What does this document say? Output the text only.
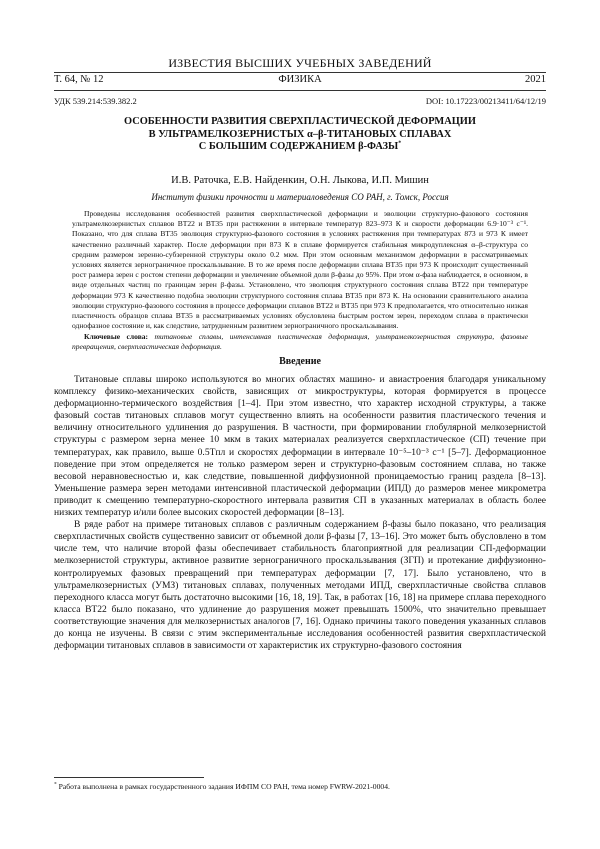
ИЗВЕСТИЯ ВЫСШИХ УЧЕБНЫХ ЗАВЕДЕНИЙ
Т. 64, № 12	ФИЗИКА	2021
УДК 539.214:539.382.2	DOI: 10.17223/00213411/64/12/19
ОСОБЕННОСТИ РАЗВИТИЯ СВЕРХПЛАСТИЧЕСКОЙ ДЕФОРМАЦИИ
В УЛЬТРАМЕЛКОЗЕРНИСТЫХ α–β-ТИТАНОВЫХ СПЛАВАХ
С БОЛЬШИМ СОДЕРЖАНИЕМ β-ФАЗЫ*
И.В. Раточка, Е.В. Найденкин, О.Н. Лыкова, И.П. Мишин
Институт физики прочности и материаловедения СО РАН, г. Томск, Россия
Проведены исследования особенностей развития сверхпластической деформации и эволюции структурно-фазового состояния ультрамелкозернистых сплавов ВТ22 и ВТ35 при растяжении в интервале температур 823–973 К и скорости деформации 6.9·10⁻³ с⁻¹. Показано, что для сплава ВТ35 эволюция структурно-фазового состояния в условиях растяжения при температурах 873 и 973 К имеет качественно различный характер. После деформации при 873 К в сплаве формируется стабильная микродуплексная α–β-структура со средним размером зеренно-субзеренной структуры около 0.2 мкм. При этом основным механизмом деформации в рассматриваемых условиях является зернограничное проскальзывание. В то же время после деформации сплава ВТ35 при 973 К происходит существенный рост размера зерен с ростом степени деформации и увеличение объемной доли β-фазы до 95%. При этом α-фаза наблюдается, в основном, в виде отдельных частиц по границам зерен β-фазы. Установлено, что эволюция структурного состояния сплава ВТ22 при температуре деформации 973 К качественно подобна эволюции структурного состояния сплава ВТ35 при 873 К. На основании сравнительного анализа эволюции структурно-фазового состояния в процессе деформации сплавов ВТ22 и ВТ35 при 973 К предполагается, что относительно низкая пластичность образцов сплава ВТ35 в рассматриваемых условиях обусловлена быстрым ростом зерен, переходом сплава в практически однофазное состояние и, как следствие, затрудненным развитием зернограничного проскальзывания.
Ключевые слова: титановые сплавы, интенсивная пластическая деформация, ультрамелкозернистая структура, фазовые превращения, сверхпластическая деформация.
Введение

Титановые сплавы широко используются во многих областях машино- и авиастроения благодаря уникальному комплексу физико-механических свойств, зависящих от микроструктуры, которая формируется в процессе деформационно-термического воздействия [1–4]. При этом известно, что характер исходной структуры, а также фазовый состав титановых сплавов могут существенно влиять на особенности развития пластического течения и величину относительного удлинения до разрушения. В частности, при формировании глобулярной мелкозернистой структуры с размером зерна менее 10 мкм в таких материалах реализуется сверхпластическое (СП) течение при температурах, как правило, выше 0.5Tпл и скоростях деформации в интервале 10⁻⁵–10⁻³ с⁻¹ [5–7]. Деформационное поведение при этом определяется не только размером зерен и структурно-фазовым состоянием сплава, но также весовой неравновесностью и, как следствие, повышенной диффузионной проницаемостью границ раздела [8–13]. Уменьшение размера зерен методами интенсивной пластической деформации (ИПД) до размеров менее микрометра приводит к смещению температурно-скоростного интервала развития СП в указанных материалах в область более низких температур и/или более высоких скоростей деформации [8–13].

В ряде работ на примере титановых сплавов с различным содержанием β-фазы было показано, что реализация сверхпластичных свойств существенно зависит от объемной доли β-фазы [7, 13–16]. Это может быть обусловлено в том числе тем, что наличие второй фазы обеспечивает стабильность благоприятной для реализации СП-деформации мелкозернистой структуры, активное развитие зернограничного проскальзывания (ЗГП) и протекание диффузионно-контролируемых фазовых превращений при температурах деформации [7, 17]. Было установлено, что в ультрамелкозернистых (УМЗ) титановых сплавах, полученных методами ИПД, сверхпластичные свойства сплавов переходного класса могут быть достаточно высокими [16, 18, 19]. Так, в работах [16, 18] на примере сплава переходного класса ВТ22 было показано, что удлинение до разрушения может превышать 1500%, что значительно превышает соответствующие значения для мелкозернистых аналогов [7, 16]. Однако причины такого поведения указанных сплавов до конца не изучены. В связи с этим экспериментальные исследования особенностей развития сверхпластической деформации титановых сплавов в зависимости от характеристик их структурно-фазового состояния

* Работа выполнена в рамках государственного задания ИФПМ СО РАН, тема номер FWRW-2021-0004.
